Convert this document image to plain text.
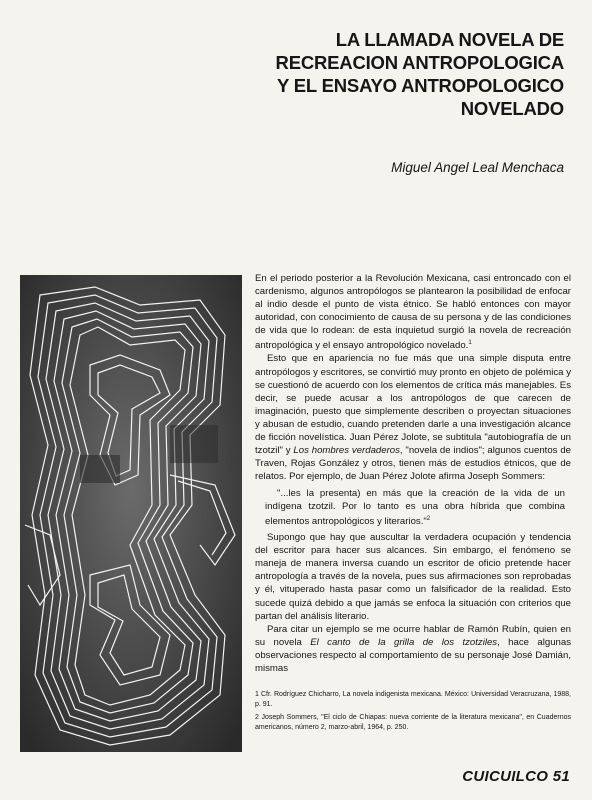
LA LLAMADA NOVELA DE
RECREACION ANTROPOLOGICA
Y EL ENSAYO ANTROPOLOGICO
NOVELADO
Miguel Angel Leal Menchaca

En el periodo posterior a la Revolución Mexicana, casi entroncado con el cardenismo, algunos antropólogos se plantearon la posibilidad de enfocar al indio desde el punto de vista étnico. Se habló entonces con mayor autoridad, con conocimiento de causa de su persona y de las condiciones de vida que lo rodean: de esta inquietud surgió la novela de recreación antropológica y el ensayo antropológico novelado.$^1$

Esto que en apariencia no fue más que una simple disputa entre antropólogos y escritores, se convirtió muy pronto en objeto de polémica y se cuestionó de acuerdo con los elementos de crítica más manejables. Es decir, se puede acusar a los antropólogos de que carecen de imaginación, puesto que simplemente describen o proyectan situaciones y abusan de estudio, cuando pretenden darle a una investigación alcance de ficción novelística. Juan Pérez Jolote, se subtitula "autobiografía de un tzotzil" y Los hombres verdaderos, "novela de indios"; algunos cuentos de Traven, Rojas González y otros, tienen más de estudios étnicos, que de relatos. Por ejemplo, de Juan Pérez Jolote afirma Joseph Sommers:

"...les la presenta) en más que la creación de la vida de un indígena tzotzil. Por lo tanto es una obra híbrida que combina elementos antropológicos y literarios."$^2$

Supongo que hay que auscultar la verdadera ocupación y tendencia del escritor para hacer sus alcances. Sin embargo, el fenómeno se maneja de manera inversa cuando un escritor de oficio pretende hacer antropología a través de la novela, pues sus afirmaciones son reprobadas y él, vituperado hasta pasar como un falsificador de la realidad. Esto sucede quizá debido a que jamás se enfoca la situación con criterios que partan del análisis literario.

Para citar un ejemplo se me ocurre hablar de Ramón Rubín, quien en su novela El canto de la grilla de los tzotziles, hace algunas observaciones respecto al comportamiento de su personaje José Damián, mismas

1 Cfr. Rodríguez Chicharro, La novela indigenista mexicana. México: Universidad Veracruzana, 1988, p. 91.

2 Joseph Sommers, "El ciclo de Chiapas: nueva corriente de la literatura mexicana", en Cuadernos americanos, número 2, marzo-abril, 1964, p. 250.

CUICUILCO 51
